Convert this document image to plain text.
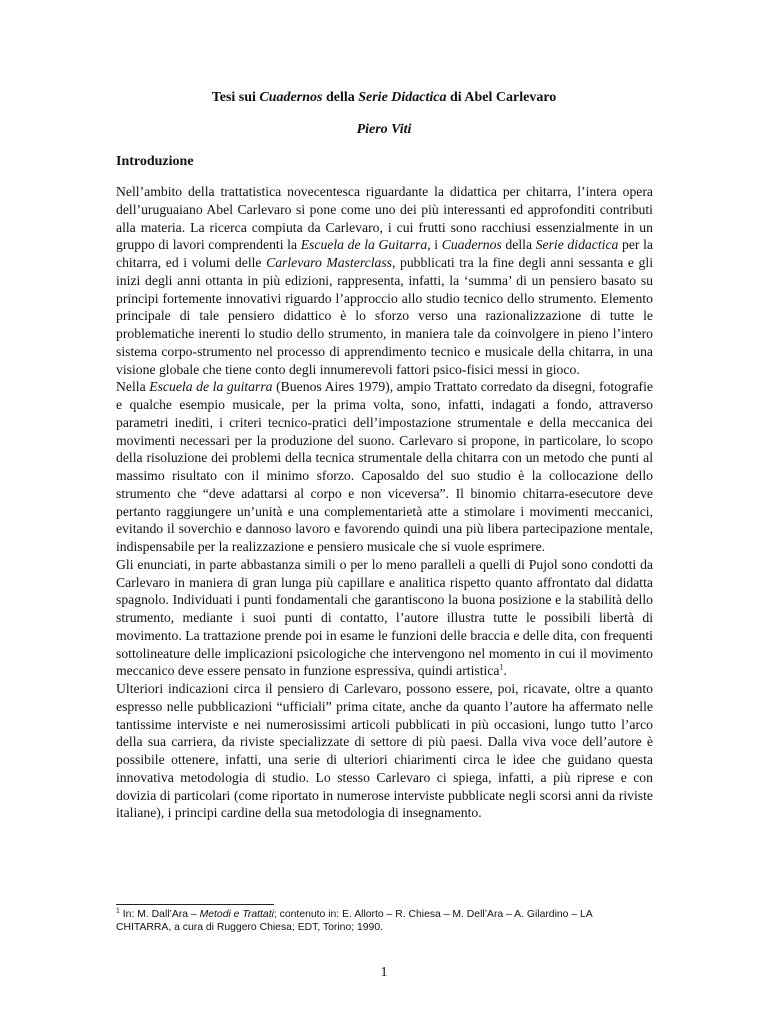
Tesi sui Cuadernos della Serie Didactica di Abel Carlevaro

Piero Viti

Introduzione

Nell’ambito della trattatistica novecentesca riguardante la didattica per chitarra, l’intera opera dell’uruguaiano Abel Carlevaro si pone come uno dei più interessanti ed approfonditi contributi alla materia. La ricerca compiuta da Carlevaro, i cui frutti sono racchiusi essenzialmente in un gruppo di lavori comprendenti la Escuela de la Guitarra, i Cuadernos della Serie didactica per la chitarra, ed i volumi delle Carlevaro Masterclass, pubblicati tra la fine degli anni sessanta e gli inizi degli anni ottanta in più edizioni, rappresenta, infatti, la ‘summa’ di un pensiero basato su principi fortemente innovativi riguardo l’approccio allo studio tecnico dello strumento. Elemento principale di tale pensiero didattico è lo sforzo verso una razionalizzazione di tutte le problematiche inerenti lo studio dello strumento, in maniera tale da coinvolgere in pieno l’intero sistema corpo-strumento nel processo di apprendimento tecnico e musicale della chitarra, in una visione globale che tiene conto degli innumerevoli fattori psico-fisici messi in gioco.

Nella Escuela de la guitarra (Buenos Aires 1979), ampio Trattato corredato da disegni, fotografie e qualche esempio musicale, per la prima volta, sono, infatti, indagati a fondo, attraverso parametri inediti, i criteri tecnico-pratici dell’impostazione strumentale e della meccanica dei movimenti necessari per la produzione del suono. Carlevaro si propone, in particolare, lo scopo della risoluzione dei problemi della tecnica strumentale della chitarra con un metodo che punti al massimo risultato con il minimo sforzo. Caposaldo del suo studio è la collocazione dello strumento che “deve adattarsi al corpo e non viceversa”. Il binomio chitarra-esecutore deve pertanto raggiungere un’unità e una complementarietà atte a stimolare i movimenti meccanici, evitando il soverchio e dannoso lavoro e favorendo quindi una più libera partecipazione mentale, indispensabile per la realizzazione e pensiero musicale che si vuole esprimere.

Gli enunciati, in parte abbastanza simili o per lo meno paralleli a quelli di Pujol sono condotti da Carlevaro in maniera di gran lunga più capillare e analitica rispetto quanto affrontato dal didatta spagnolo. Individuati i punti fondamentali che garantiscono la buona posizione e la stabilità dello strumento, mediante i suoi punti di contatto, l’autore illustra tutte le possibili libertà di movimento. La trattazione prende poi in esame le funzioni delle braccia e delle dita, con frequenti sottolineature delle implicazioni psicologiche che intervengono nel momento in cui il movimento meccanico deve essere pensato in funzione espressiva, quindi artistica$^1$.

Ulteriori indicazioni circa il pensiero di Carlevaro, possono essere, poi, ricavate, oltre a quanto espresso nelle pubblicazioni “ufficiali” prima citate, anche da quanto l’autore ha affermato nelle tantissime interviste e nei numerosissimi articoli pubblicati in più occasioni, lungo tutto l’arco della sua carriera, da riviste specializzate di settore di più paesi. Dalla viva voce dell’autore è possibile ottenere, infatti, una serie di ulteriori chiarimenti circa le idee che guidano questa innovativa metodologia di studio. Lo stesso Carlevaro ci spiega, infatti, a più riprese e con dovizia di particolari (come riportato in numerose interviste pubblicate negli scorsi anni da riviste italiane), i principi cardine della sua metodologia di insegnamento.

$^1$ In: M. Dall’Ara – Metodi e Trattati; contenuto in: E. Allorto – R. Chiesa – M. Dell’Ara – A. Gilardino – LA CHITARRA, a cura di Ruggero Chiesa; EDT, Torino; 1990.

1
